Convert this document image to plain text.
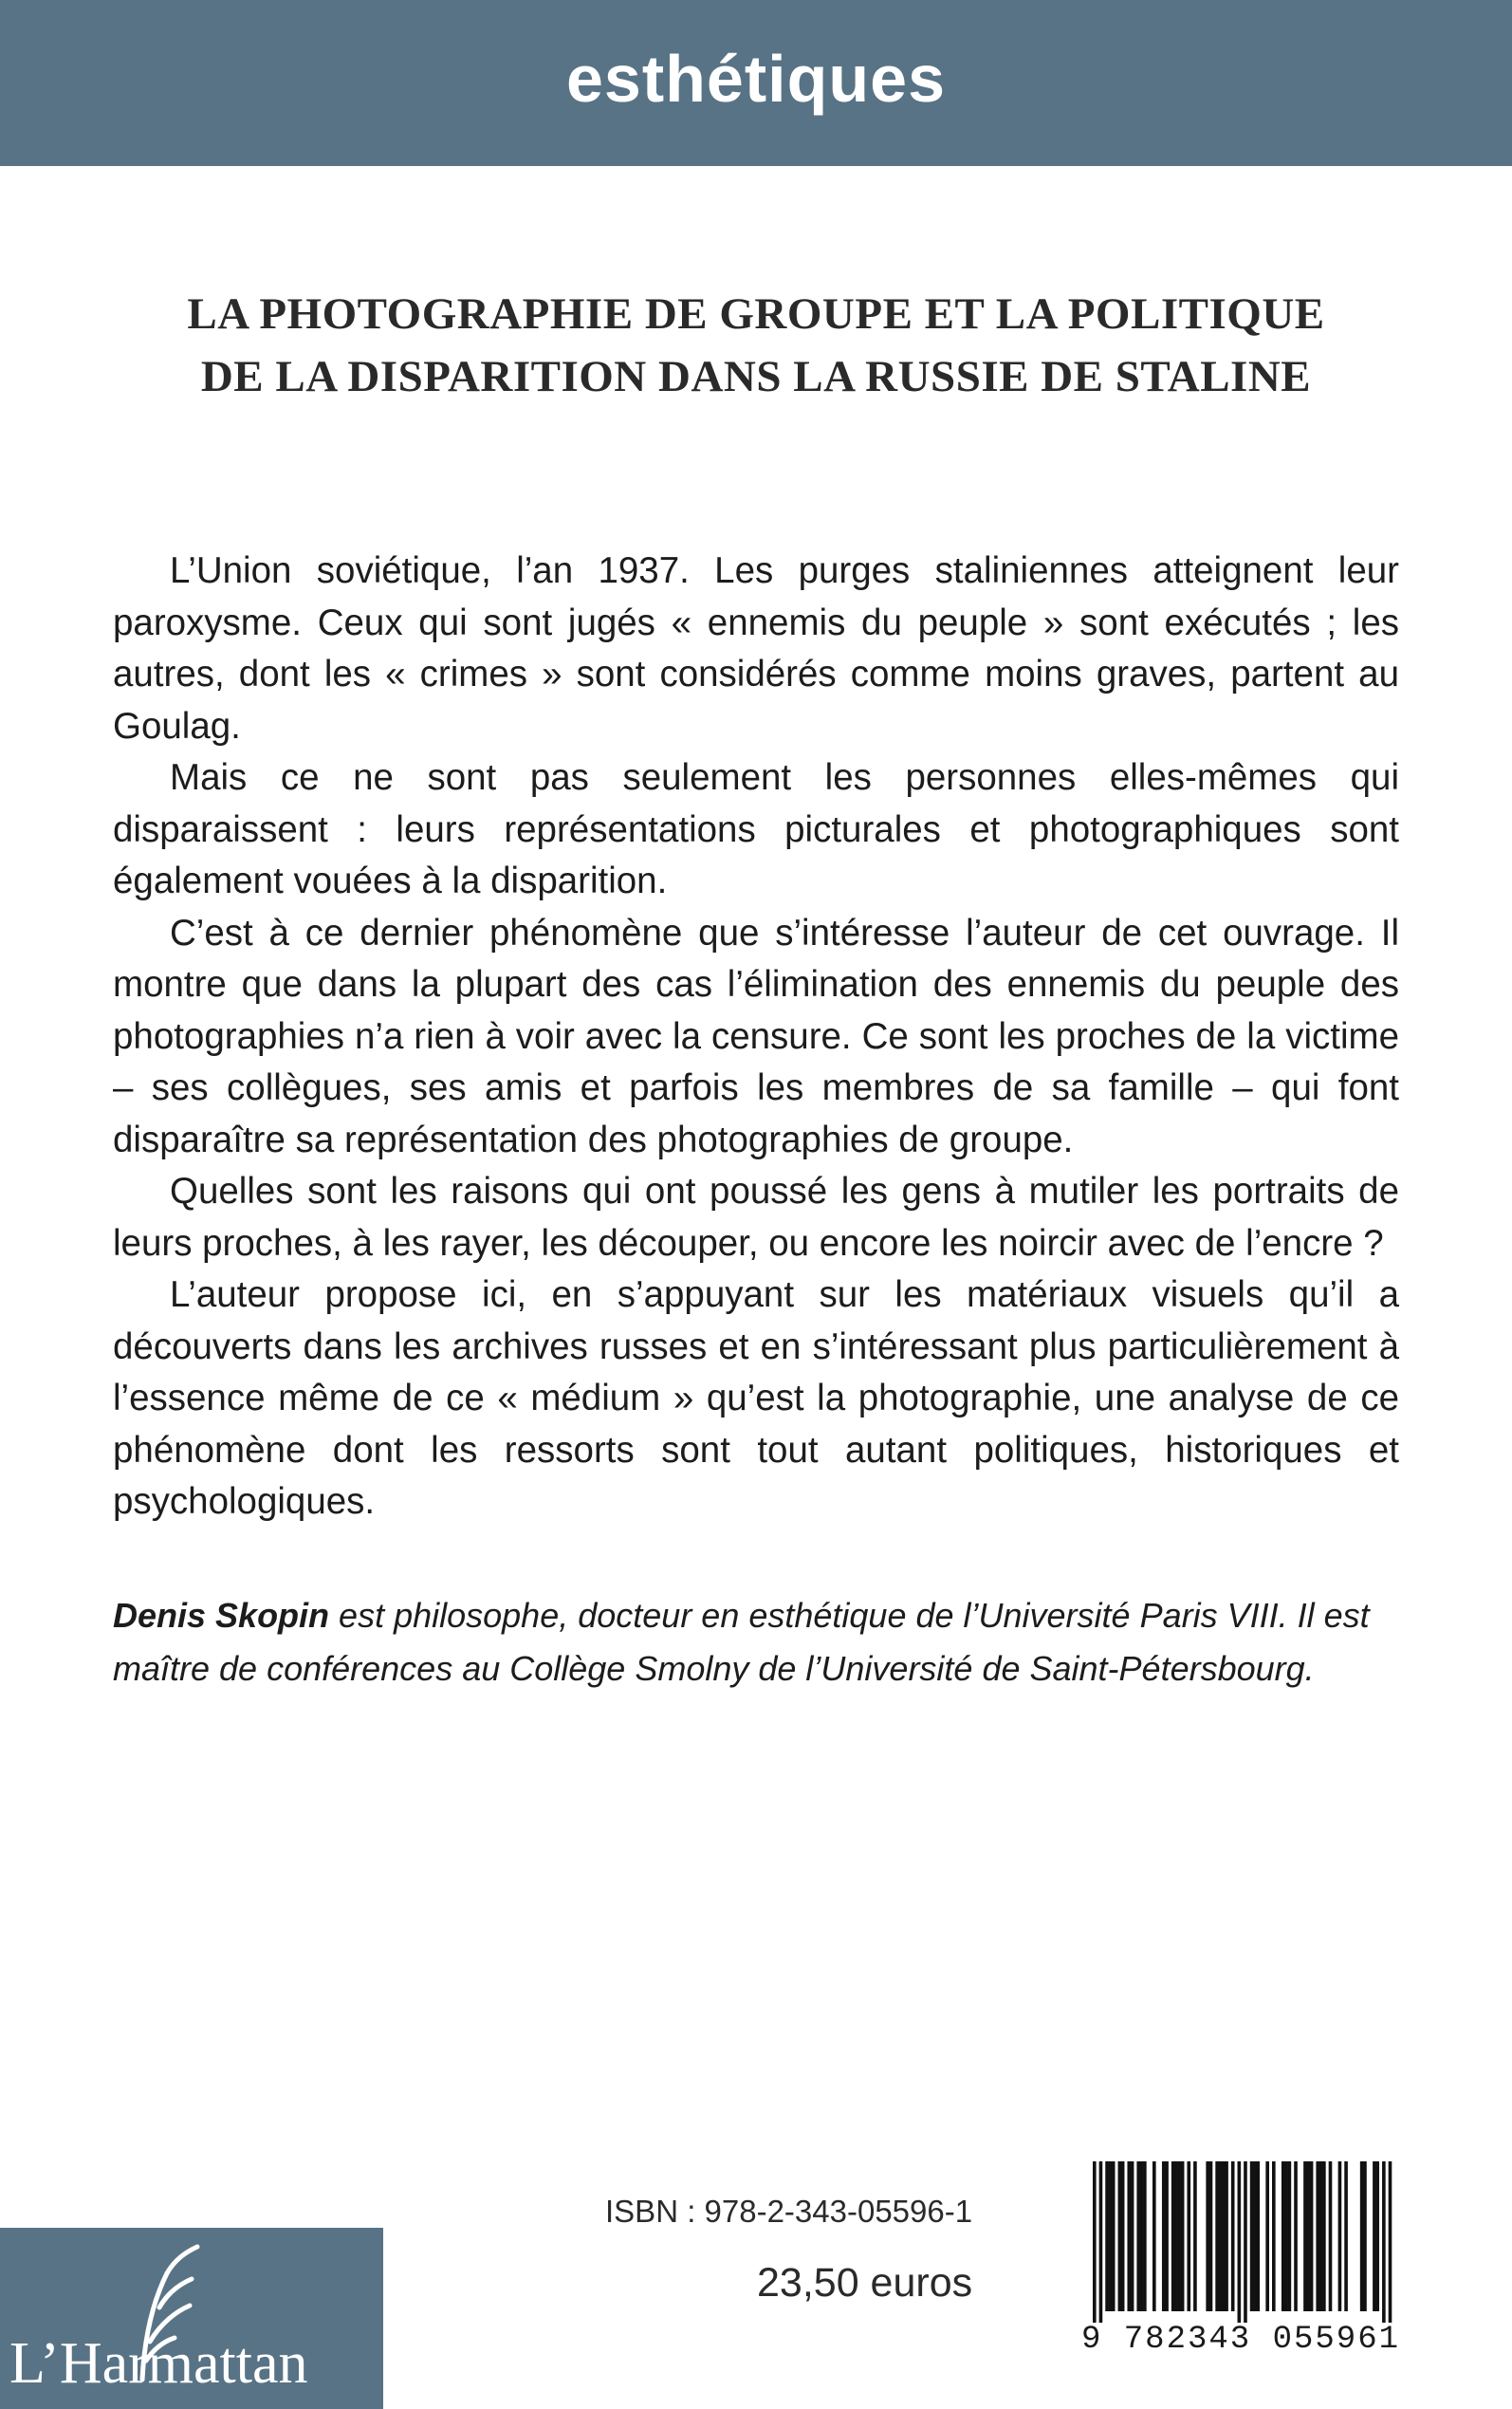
esthétiques
LA PHOTOGRAPHIE DE GROUPE ET LA POLITIQUE
DE LA DISPARITION DANS LA RUSSIE DE STALINE

L’Union soviétique, l’an 1937. Les purges staliniennes atteignent leur paroxysme. Ceux qui sont jugés « ennemis du peuple » sont exécutés ; les autres, dont les « crimes » sont considérés comme moins graves, partent au Goulag.

Mais ce ne sont pas seulement les personnes elles-mêmes qui disparaissent : leurs représentations picturales et photographiques sont également vouées à la disparition.

C’est à ce dernier phénomène que s’intéresse l’auteur de cet ouvrage. Il montre que dans la plupart des cas l’élimination des ennemis du peuple des photographies n’a rien à voir avec la censure. Ce sont les proches de la victime – ses collègues, ses amis et parfois les membres de sa famille – qui font disparaître sa représentation des photographies de groupe.

Quelles sont les raisons qui ont poussé les gens à mutiler les portraits de leurs proches, à les rayer, les découper, ou encore les noircir avec de l’encre ?

L’auteur propose ici, en s’appuyant sur les matériaux visuels qu’il a découverts dans les archives russes et en s’intéressant plus particulièrement à l’essence même de ce « médium » qu’est la photographie, une analyse de ce phénomène dont les ressorts sont tout autant politiques, historiques et psychologiques.

Denis Skopin est philosophe, docteur en esthétique de l’Université Paris VIII. Il est maître de conférences au Collège Smolny de l’Université de Saint-Pétersbourg.
L’Harmattan
ISBN : 978-2-343-05596-1
23,50 euros
9 782343 055961
